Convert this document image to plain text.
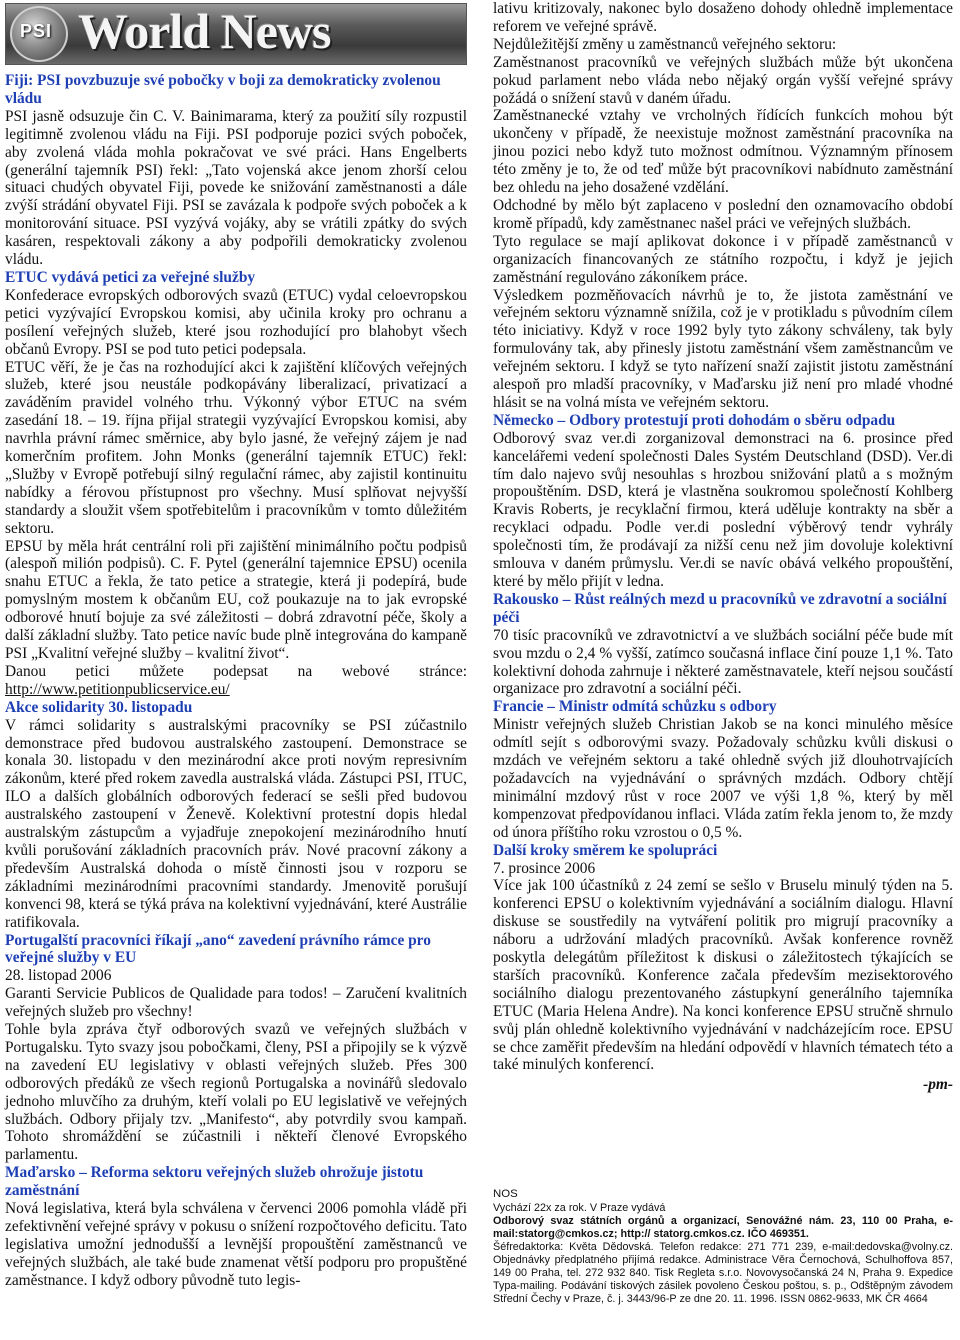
PSI World News
Fiji: PSI povzbuzuje své pobočky v boji za demokraticky zvolenou vládu

PSI jasně odsuzuje čin C. V. Bainimarama, který za použití síly rozpustil legitimně zvolenou vládu na Fiji. PSI podporuje pozici svých poboček, aby zvolená vláda mohla pokračovat ve své práci. Hans Engelberts (generální tajemník PSI) řekl: „Tato vojenská akce jenom zhorší celou situaci chudých obyvatel Fiji, povede ke snižování zaměstnanosti a dále zvýší strádání obyvatel Fiji. PSI se zavázala k podpoře svých poboček a k monitorování situace. PSI vyzývá vojáky, aby se vrátili zpátky do svých kasáren, respektovali zákony a aby podpořili demokraticky zvolenou vládu.

ETUC vydává petici za veřejné služby

Konfederace evropských odborových svazů (ETUC) vydal celoevropskou petici vyzývající Evropskou komisi, aby učinila kroky pro ochranu a posílení veřejných služeb, které jsou rozhodující pro blahobyt všech občanů Evropy. PSI se pod tuto petici podepsala.

ETUC věří, že je čas na rozhodující akci k zajištění klíčových veřejných služeb, které jsou neustále podkopávány liberalizací, privatizací a zaváděním pravidel volného trhu. Výkonný výbor ETUC na svém zasedání 18. – 19. října přijal strategii vyzývající Evropskou komisi, aby navrhla právní rámec směrnice, aby bylo jasné, že veřejný zájem je nad komerčním profitem. John Monks (generální tajemník ETUC) řekl: „Služby v Evropě potřebují silný regulační rámec, aby zajistil kontinuitu nabídky a férovou přístupnost pro všechny. Musí splňovat nejvyšší standardy a sloužit všem spotřebitelům i pracovníkům v tomto důležitém sektoru.

EPSU by měla hrát centrální roli při zajištění minimálního počtu podpisů (alespoň milión podpisů). C. F. Pytel (generální tajemnice EPSU) ocenila snahu ETUC a řekla, že tato petice a strategie, která ji podepírá, bude pomyslným mostem k občanům EU, což poukazuje na to jak evropské odborové hnutí bojuje za své záležitosti – dobrá zdravotní péče, školy a další základní služby. Tato petice navíc bude plně integrována do kampaně PSI „Kvalitní veřejné služby – kvalitní život“.

Danou petici můžete podepsat na webové stránce: http://www.petitionpublicservice.eu/

Akce solidarity 30. listopadu

V rámci solidarity s australskými pracovníky se PSI zúčastnilo demonstrace před budovou australského zastoupení. Demonstrace se konala 30. listopadu v den mezinárodní akce proti novým represivním zákonům, které před rokem zavedla australská vláda. Zástupci PSI, ITUC, ILO a dalších globálních odborových federací se sešli před budovou australského zastoupení v Ženevě. Kolektivní protestní dopis hledal australským zástupcům a vyjadřuje znepokojení mezinárodního hnutí kvůli porušování základních pracovních práv. Nové pracovní zákony a především Australská dohoda o místě činnosti jsou v rozporu se základními mezinárodními pracovními standardy. Jmenovitě porušují konvenci 98, která se týká práva na kolektivní vyjednávání, které Austrálie ratifikovala.

Portugalští pracovníci říkají „ano“ zavedení právního rámce pro veřejné služby v EU

28. listopad 2006

Garanti Servicie Publicos de Qualidade para todos! – Zaručení kvalitních veřejných služeb pro všechny!

Tohle byla zpráva čtyř odborových svazů ve veřejných službách v Portugalsku. Tyto svazy jsou pobočkami, členy, PSI a připojily se k výzvě na zavedení EU legislativy v oblasti veřejných služeb. Přes 300 odborových předáků ze všech regionů Portugalska a novinářů sledovalo jednoho mluvčího za druhým, kteří volali po EU legislativě ve veřejných službách. Odbory přijaly tzv. „Manifesto“, aby potvrdily svou kampaň. Tohoto shromáždění se zúčastnili i někteří členové Evropského parlamentu.

Maďarsko – Reforma sektoru veřejných služeb ohrožuje jistotu zaměstnání

Nová legislativa, která byla schválena v červenci 2006 pomohla vládě při zefektivnění veřejné správy v pokusu o snížení rozpočtového deficitu. Tato legislativa umožní jednodušší a levnější propouštění zaměstnanců ve veřejných službách, ale také bude znamenat větší podporu pro propuštěné zaměstnance. I když odbory původně tuto legis-

lativu kritizovaly, nakonec bylo dosaženo dohody ohledně implementace reforem ve veřejné správě.

Nejdůležitější změny u zaměstnanců veřejného sektoru:

Zaměstnanost pracovníků ve veřejných službách může být ukončena pokud parlament nebo vláda nebo nějaký orgán vyšší veřejné správy požádá o snížení stavů v daném úřadu.

Zaměstnanecké vztahy ve vrcholných řídících funkcích mohou být ukončeny v případě, že neexistuje možnost zaměstnání pracovníka na jinou pozici nebo když tuto možnost odmítnou. Významným přínosem této změny je to, že od teď může být pracovníkovi nabídnuto zaměstnání bez ohledu na jeho dosažené vzdělání.

Odchodné by mělo být zaplaceno v poslední den oznamovacího období kromě případů, kdy zaměstnanec našel práci ve veřejných službách.

Tyto regulace se mají aplikovat dokonce i v případě zaměstnanců v organizacích financovaných ze státního rozpočtu, i když je jejich zaměstnání regulováno zákoníkem práce.

Výsledkem pozměňovacích návrhů je to, že jistota zaměstnání ve veřejném sektoru významně snížila, což je v protikladu s původním cílem této iniciativy. Když v roce 1992 byly tyto zákony schváleny, tak byly formulovány tak, aby přinesly jistotu zaměstnání všem zaměstnancům ve veřejném sektoru. I když se tyto nařízení snaží zajistit jistotu zaměstnání alespoň pro mladší pracovníky, v Maďarsku již není pro mladé vhodné hlásit se na volná místa ve veřejném sektoru.

Německo – Odbory protestují proti dohodám o sběru odpadu

Odborový svaz ver.di zorganizoval demonstraci na 6. prosince před kancelářemi vedení společnosti Dales Systém Deutschland (DSD). Ver.di tím dalo najevo svůj nesouhlas s hrozbou snižování platů a s možným propouštěním. DSD, která je vlastněna soukromou společností Kohlberg Kravis Roberts, je recyklační firmou, která uděluje kontrakty na sběr a recyklaci odpadu. Podle ver.di poslední výběrový tendr vyhrály společnosti tím, že prodávají za nižší cenu než jim dovoluje kolektivní smlouva v daném průmyslu. Ver.di se navíc obává velkého propouštění, které by mělo přijít v ledna.

Rakousko – Růst reálných mezd u pracovníků ve zdravotní a sociální péči

70 tisíc pracovníků ve zdravotnictví a ve službách sociální péče bude mít svou mzdu o 2,4 % vyšší, zatímco současná inflace činí pouze 1,1 %. Tato kolektivní dohoda zahrnuje i některé zaměstnavatele, kteří nejsou součástí organizace pro zdravotní a sociální péči.

Francie – Ministr odmítá schůzku s odbory

Ministr veřejných služeb Christian Jakob se na konci minulého měsíce odmítl sejít s odborovými svazy. Požadovaly schůzku kvůli diskusi o mzdách ve veřejném sektoru a také ohledně svých již dlouhotrvajících požadavcích na vyjednávání o správných mzdách. Odbory chtějí minimální mzdový růst v roce 2007 ve výši 1,8 %, který by měl kompenzovat předpovídanou inflaci. Vláda zatím řekla jenom to, že mzdy od února příštího roku vzrostou o 0,5 %.

Další kroky směrem ke spolupráci

7. prosince 2006

Více jak 100 účastníků z 24 zemí se sešlo v Bruselu minulý týden na 5. konferenci EPSU o kolektivním vyjednávání a sociálním dialogu. Hlavní diskuse se soustředily na vytváření politik pro migrují pracovníky a náboru a udržování mladých pracovníků. Avšak konference rovněž poskytla delegátům příležitost k diskusi o záležitostech týkajících se starších pracovníků. Konference začala především mezisektorového sociálního dialogu prezentovaného zástupkyní generálního tajemníka ETUC (Maria Helena Andre). Na konci konference EPSU stručně shrnulo svůj plán ohledně kolektivního vyjednávání v nadcházejícím roce. EPSU se chce zaměřit především na hledání odpovědí v hlavních tématech této a také minulých konferencí.

-pm-
NOS

Vychází 22x za rok. V Praze vydává

Odborový svaz státních orgánů a organizací, Senovážné nám. 23, 110 00 Praha, e-mail:statorg@cmkos.cz; http:// statorg.cmkos.cz. IČO 469351.

Šéfredaktorka: Květa Dědovská. Telefon redakce: 271 771 239, e-mail:dedovska@volny.cz. Objednávky předplatného přijímá redakce. Administrace Věra Černochová, Schulhoffova 857, 149 00 Praha, tel. 272 932 840. Tisk Regleta s.r.o. Novovysočanská 24 N, Praha 9. Expedice Typa-mailing. Podávání tiskových zásilek povoleno Českou poštou, s. p., Odštěpným závodem Střední Čechy v Praze, č. j. 3443/96-P ze dne 20. 11. 1996. ISSN 0862-9633, MK ČR 4664
